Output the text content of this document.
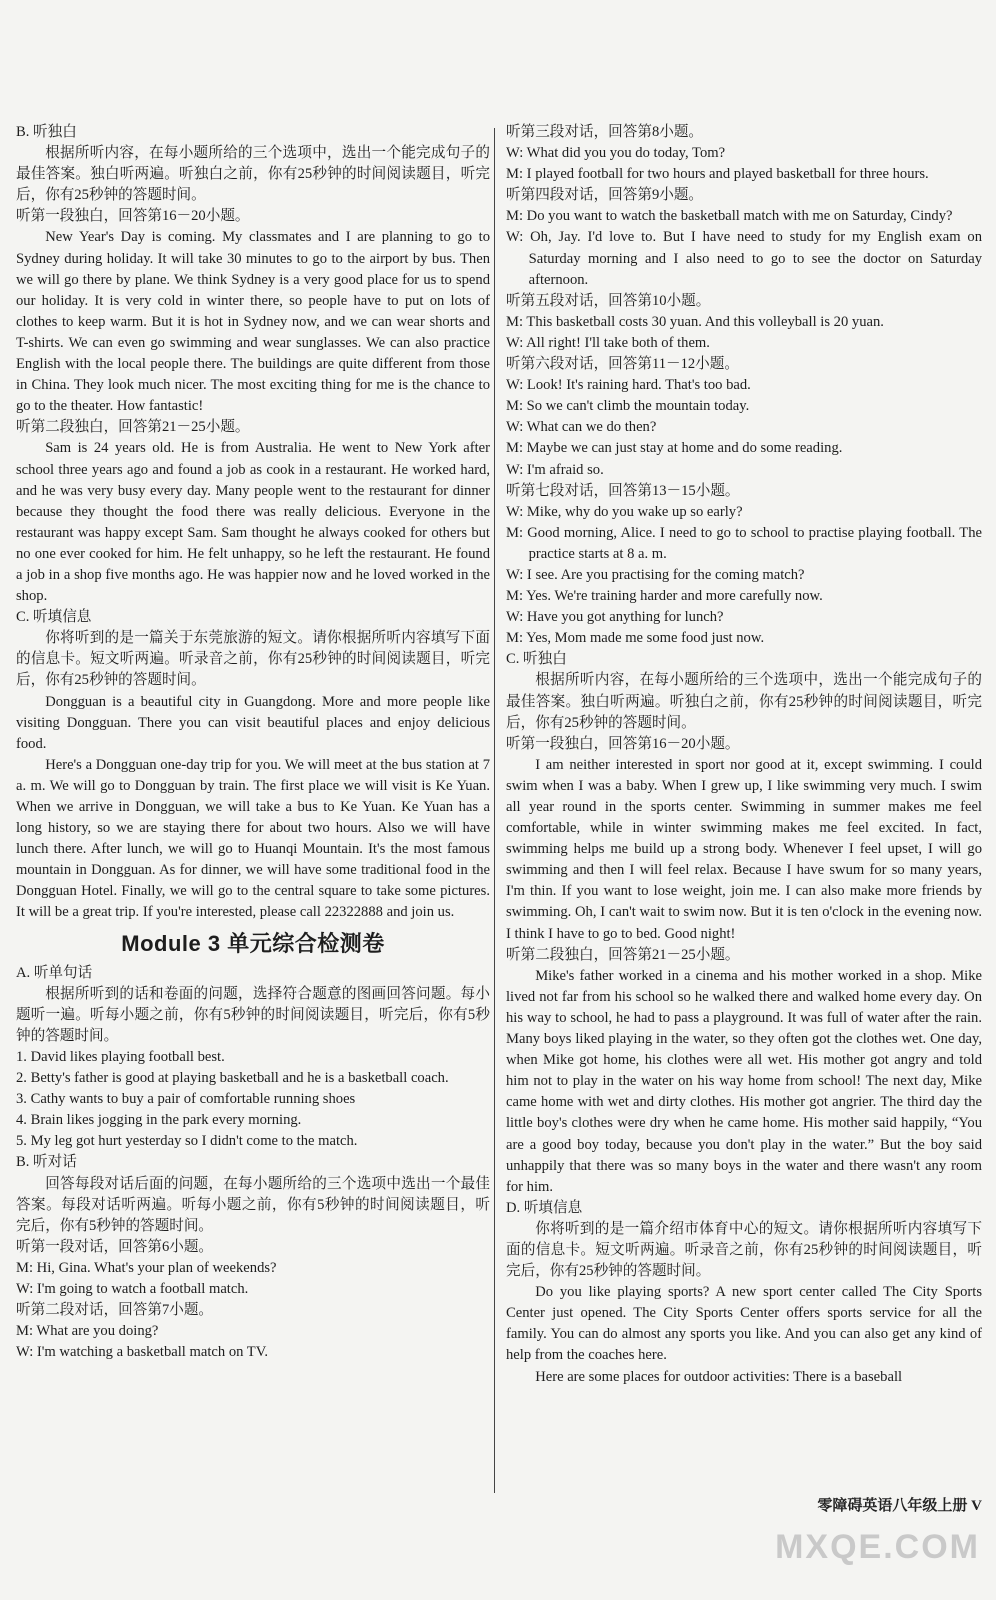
B. 听独白

根据所听内容，在每小题所给的三个选项中，选出一个能完成句子的最佳答案。独白听两遍。听独白之前，你有25秒钟的时间阅读题目，听完后，你有25秒钟的答题时间。

听第一段独白，回答第16－20小题。

New Year's Day is coming. My classmates and I are planning to go to Sydney during holiday. It will take 30 minutes to go to the airport by bus. Then we will go there by plane. We think Sydney is a very good place for us to spend our holiday. It is very cold in winter there, so people have to put on lots of clothes to keep warm. But it is hot in Sydney now, and we can wear shorts and T-shirts. We can even go swimming and wear sunglasses. We can also practice English with the local people there. The buildings are quite different from those in China. They look much nicer. The most exciting thing for me is the chance to go to the theater. How fantastic!

听第二段独白，回答第21－25小题。

Sam is 24 years old. He is from Australia. He went to New York after school three years ago and found a job as cook in a restaurant. He worked hard, and he was very busy every day. Many people went to the restaurant for dinner because they thought the food there was really delicious. Everyone in the restaurant was happy except Sam. Sam thought he always cooked for others but no one ever cooked for him. He felt unhappy, so he left the restaurant. He found a job in a shop five months ago. He was happier now and he loved worked in the shop.

C. 听填信息

你将听到的是一篇关于东莞旅游的短文。请你根据所听内容填写下面的信息卡。短文听两遍。听录音之前，你有25秒钟的时间阅读题目，听完后，你有25秒钟的答题时间。

Dongguan is a beautiful city in Guangdong. More and more people like visiting Dongguan. There you can visit beautiful places and enjoy delicious food.

Here's a Dongguan one-day trip for you. We will meet at the bus station at 7 a. m. We will go to Dongguan by train. The first place we will visit is Ke Yuan. When we arrive in Dongguan, we will take a bus to Ke Yuan. Ke Yuan has a long history, so we are staying there for about two hours. Also we will have lunch there. After lunch, we will go to Huanqi Mountain. It's the most famous mountain in Dongguan. As for dinner, we will have some traditional food in the Dongguan Hotel. Finally, we will go to the central square to take some pictures. It will be a great trip. If you're interested, please call 22322888 and join us.

Module 3 单元综合检测卷

A. 听单句话

根据所听到的话和卷面的问题，选择符合题意的图画回答问题。每小题听一遍。听每小题之前，你有5秒钟的时间阅读题目，听完后，你有5秒钟的答题时间。

1. David likes playing football best.

2. Betty's father is good at playing basketball and he is a basketball coach.

3. Cathy wants to buy a pair of comfortable running shoes

4. Brain likes jogging in the park every morning.

5. My leg got hurt yesterday so I didn't come to the match.

B. 听对话

回答每段对话后面的问题，在每小题所给的三个选项中选出一个最佳答案。每段对话听两遍。听每小题之前，你有5秒钟的时间阅读题目，听完后，你有5秒钟的答题时间。

听第一段对话，回答第6小题。

M: Hi, Gina. What's your plan of weekends?

W: I'm going to watch a football match.

听第二段对话，回答第7小题。

M: What are you doing?

W: I'm watching a basketball match on TV.

听第三段对话，回答第8小题。

W: What did you you do today, Tom?

M: I played football for two hours and played basketball for three hours.

听第四段对话，回答第9小题。

M: Do you want to watch the basketball match with me on Saturday, Cindy?

W: Oh, Jay. I'd love to. But I have need to study for my English exam on Saturday morning and I also need to go to see the doctor on Saturday afternoon.

听第五段对话，回答第10小题。

M: This basketball costs 30 yuan. And this volleyball is 20 yuan.

W: All right! I'll take both of them.

听第六段对话，回答第11－12小题。

W: Look! It's raining hard. That's too bad.

M: So we can't climb the mountain today.

W: What can we do then?

M: Maybe we can just stay at home and do some reading.

W: I'm afraid so.

听第七段对话，回答第13－15小题。

W: Mike, why do you wake up so early?

M: Good morning, Alice. I need to go to school to practise playing football. The practice starts at 8 a. m.

W: I see. Are you practising for the coming match?

M: Yes. We're training harder and more carefully now.

W: Have you got anything for lunch?

M: Yes, Mom made me some food just now.

C. 听独白

根据所听内容，在每小题所给的三个选项中，选出一个能完成句子的最佳答案。独白听两遍。听独白之前，你有25秒钟的时间阅读题目，听完后，你有25秒钟的答题时间。

听第一段独白，回答第16－20小题。

I am neither interested in sport nor good at it, except swimming. I could swim when I was a baby. When I grew up, I like swimming very much. I swim all year round in the sports center. Swimming in summer makes me feel comfortable, while in winter swimming makes me feel excited. In fact, swimming helps me build up a strong body. Whenever I feel upset, I will go swimming and then I will feel relax. Because I have swum for so many years, I'm thin. If you want to lose weight, join me. I can also make more friends by swimming. Oh, I can't wait to swim now. But it is ten o'clock in the evening now. I think I have to go to bed. Good night!

听第二段独白，回答第21－25小题。

Mike's father worked in a cinema and his mother worked in a shop. Mike lived not far from his school so he walked there and walked home every day. On his way to school, he had to pass a playground. It was full of water after the rain. Many boys liked playing in the water, so they often got the clothes wet. One day, when Mike got home, his clothes were all wet. His mother got angry and told him not to play in the water on his way home from school! The next day, Mike came home with wet and dirty clothes. His mother got angrier. The third day the little boy's clothes were dry when he came home. His mother said happily, “You are a good boy today, because you don't play in the water.” But the boy said unhappily that there was so many boys in the water and there wasn't any room for him.

D. 听填信息

你将听到的是一篇介绍市体育中心的短文。请你根据所听内容填写下面的信息卡。短文听两遍。听录音之前，你有25秒钟的时间阅读题目，听完后，你有25秒钟的答题时间。

Do you like playing sports? A new sport center called The City Sports Center just opened. The City Sports Center offers sports service for all the family. You can do almost any sports you like. And you can also get any kind of help from the coaches here.

Here are some places for outdoor activities: There is a baseball

零障碍英语八年级上册 V
MXQE.COM
